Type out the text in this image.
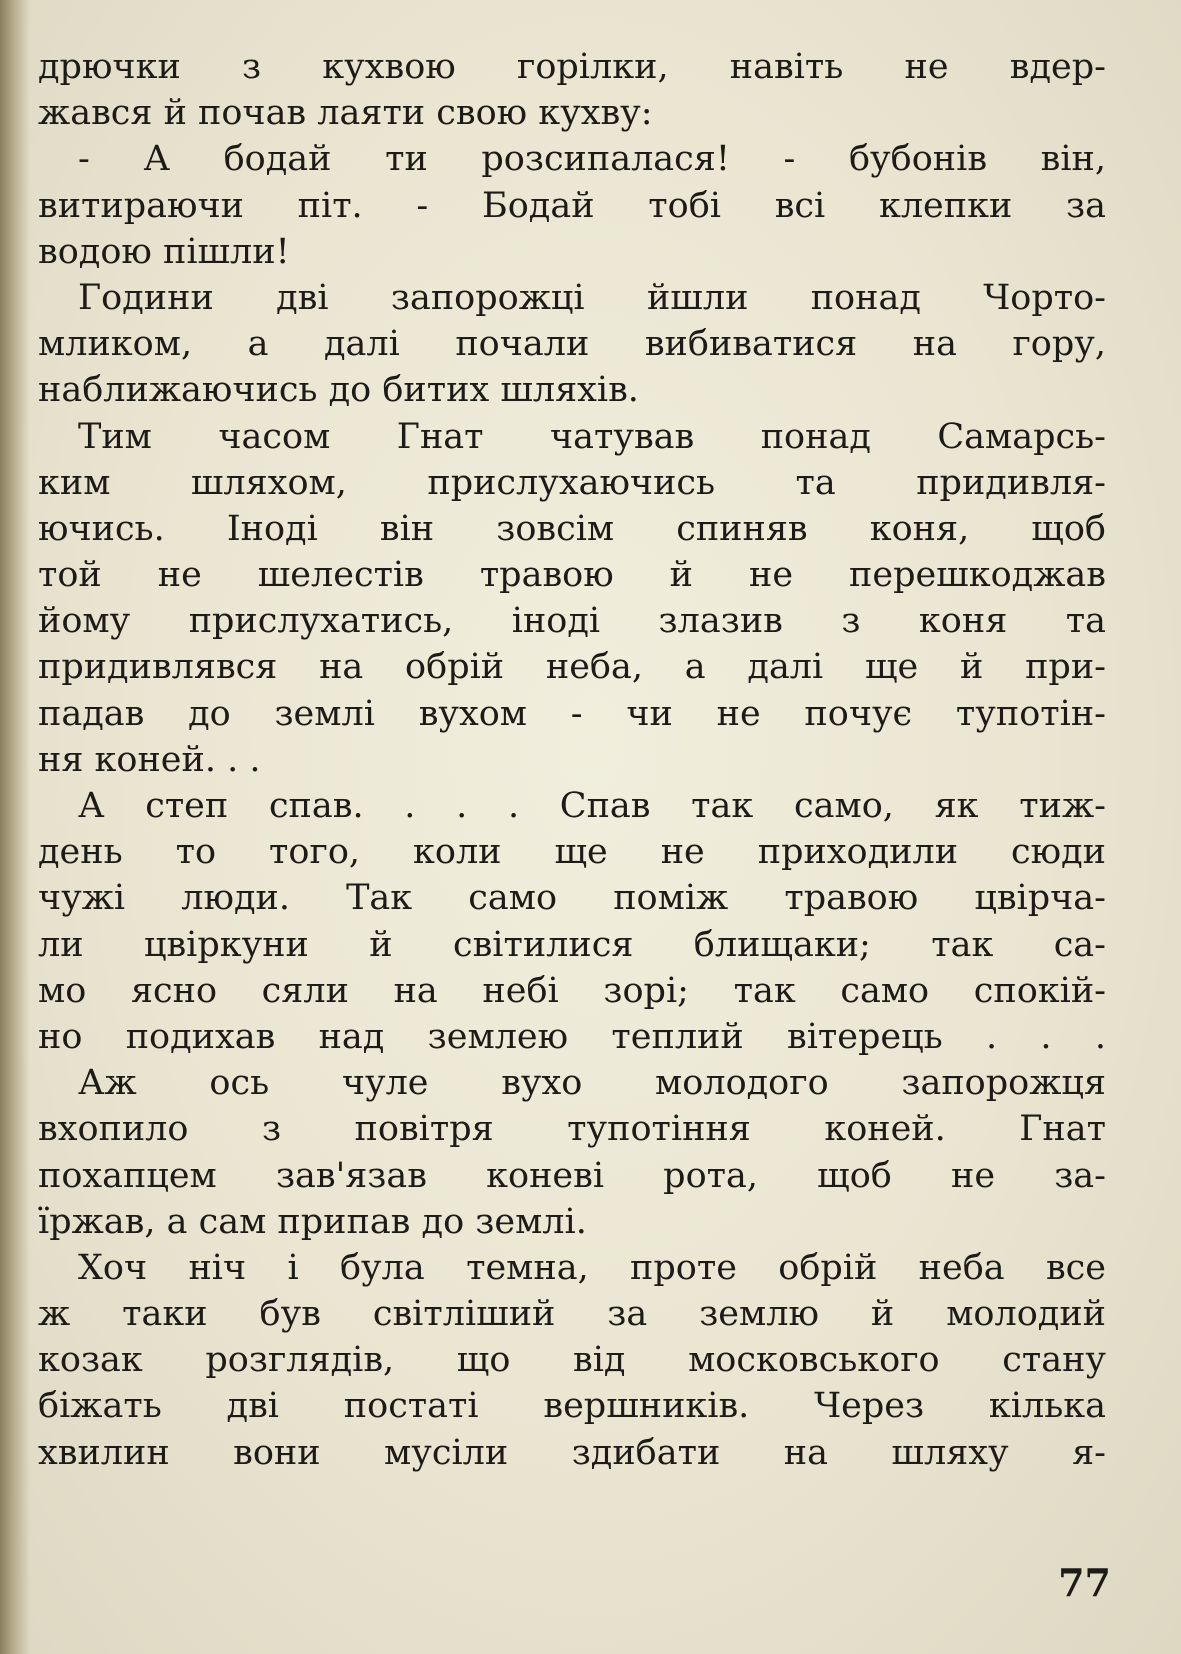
дрючки з кухвою горілки, навіть не вдер-
жався й почав лаяти свою кухву:
- А бодай ти розсипалася! - бубонів він,
витираючи піт. - Бодай тобі всі клепки за
водою пішли!
Години дві запорожці йшли понад Чорто-
мликом, а далі почали вибиватися на гору,
наближаючись до битих шляхів.
Тим часом Гнат чатував понад Самарсь-
ким шляхом, прислухаючись та придивля-
ючись. Іноді він зовсім спиняв коня, щоб
той не шелестів травою й не перешкоджав
йому прислухатись, іноді злазив з коня та
придивлявся на обрій неба, а далі ще й при-
падав до землі вухом - чи не почує тупотін-
ня коней. . .
А степ спав. . . . Спав так само, як тиж-
день то того, коли ще не приходили сюди
чужі люди. Так само поміж травою цвірча-
ли цвіркуни й світилися блищаки; так са-
мо ясно сяли на небі зорі; так само спокій-
но подихав над землею теплий вітерець . . .
Аж ось чуле вухо молодого запорожця
вхопило з повітря тупотіння коней. Гнат
похапцем зав'язав коневі рота, щоб не за-
їржав, а сам припав до землі.
Хоч ніч і була темна, проте обрій неба все
ж таки був світліший за землю й молодий
козак розглядів, що від московського стану
біжать дві постаті вершників. Через кілька
хвилин вони мусіли здибати на шляху я-
77
